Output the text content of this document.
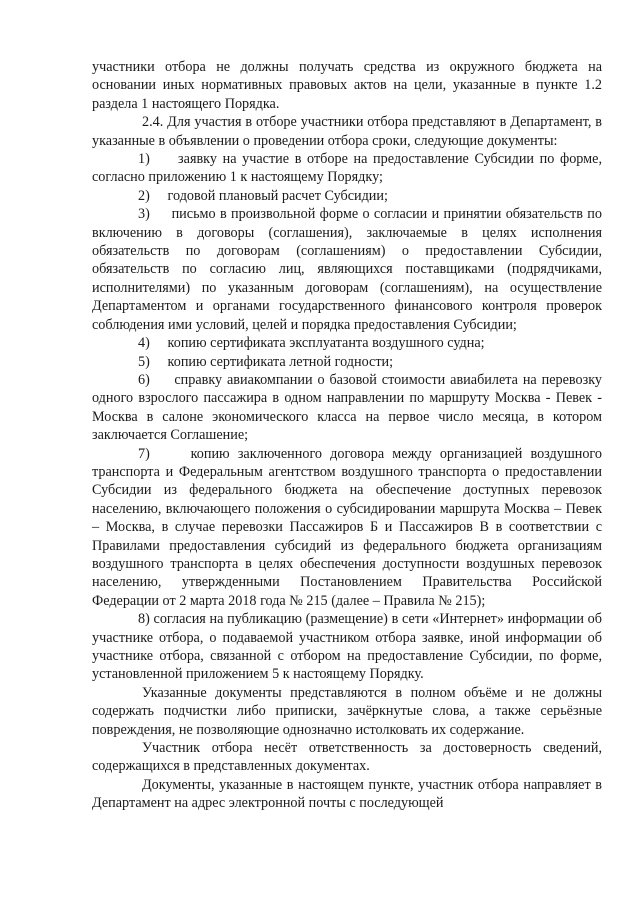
участники отбора не должны получать средства из окружного бюджета на основании иных нормативных правовых актов на цели, указанные в пункте 1.2 раздела 1 настоящего Порядка.

2.4. Для участия в отборе участники отбора представляют в Департамент, в указанные в объявлении о проведении отбора сроки, следующие документы:

1)     заявку на участие в отборе на предоставление Субсидии по форме, согласно приложению 1 к настоящему Порядку;

2)     годовой плановый расчет Субсидии;

3)     письмо в произвольной форме о согласии и принятии обязательств по включению в договоры (соглашения), заключаемые в целях исполнения обязательств по договорам (соглашениям) о предоставлении Субсидии, обязательств по согласию лиц, являющихся поставщиками (подрядчиками, исполнителями) по указанным договорам (соглашениям), на осуществление Департаментом и органами государственного финансового контроля проверок соблюдения ими условий, целей и порядка предоставления Субсидии;

4)     копию сертификата эксплуатанта воздушного судна;

5)     копию сертификата летной годности;

6)     справку авиакомпании о базовой стоимости авиабилета на перевозку одного взрослого пассажира в одном направлении по маршруту Москва - Певек - Москва в салоне экономического класса на первое число месяца, в котором заключается Соглашение;

7)     копию заключенного договора между организацией воздушного транспорта и Федеральным агентством воздушного транспорта о предоставлении Субсидии из федерального бюджета на обеспечение доступных перевозок населению, включающего положения о субсидировании маршрута Москва – Певек – Москва, в случае перевозки Пассажиров Б и Пассажиров В в соответствии с Правилами предоставления субсидий из федерального бюджета организациям воздушного транспорта в целях обеспечения доступности воздушных перевозок населению, утвержденными Постановлением Правительства Российской Федерации от 2 марта 2018 года № 215 (далее – Правила № 215);

8) согласия на публикацию (размещение) в сети «Интернет» информации об участнике отбора, о подаваемой участником отбора заявке, иной информации об участнике отбора, связанной с отбором на предоставление Субсидии, по форме, установленной приложением 5 к настоящему Порядку.

Указанные документы представляются в полном объёме и не должны содержать подчистки либо приписки, зачёркнутые слова, а также серьёзные повреждения, не позволяющие однозначно истолковать их содержание.

Участник отбора несёт ответственность за достоверность сведений, содержащихся в представленных документах.

Документы, указанные в настоящем пункте, участник отбора направляет в Департамент на адрес электронной почты с последующей
